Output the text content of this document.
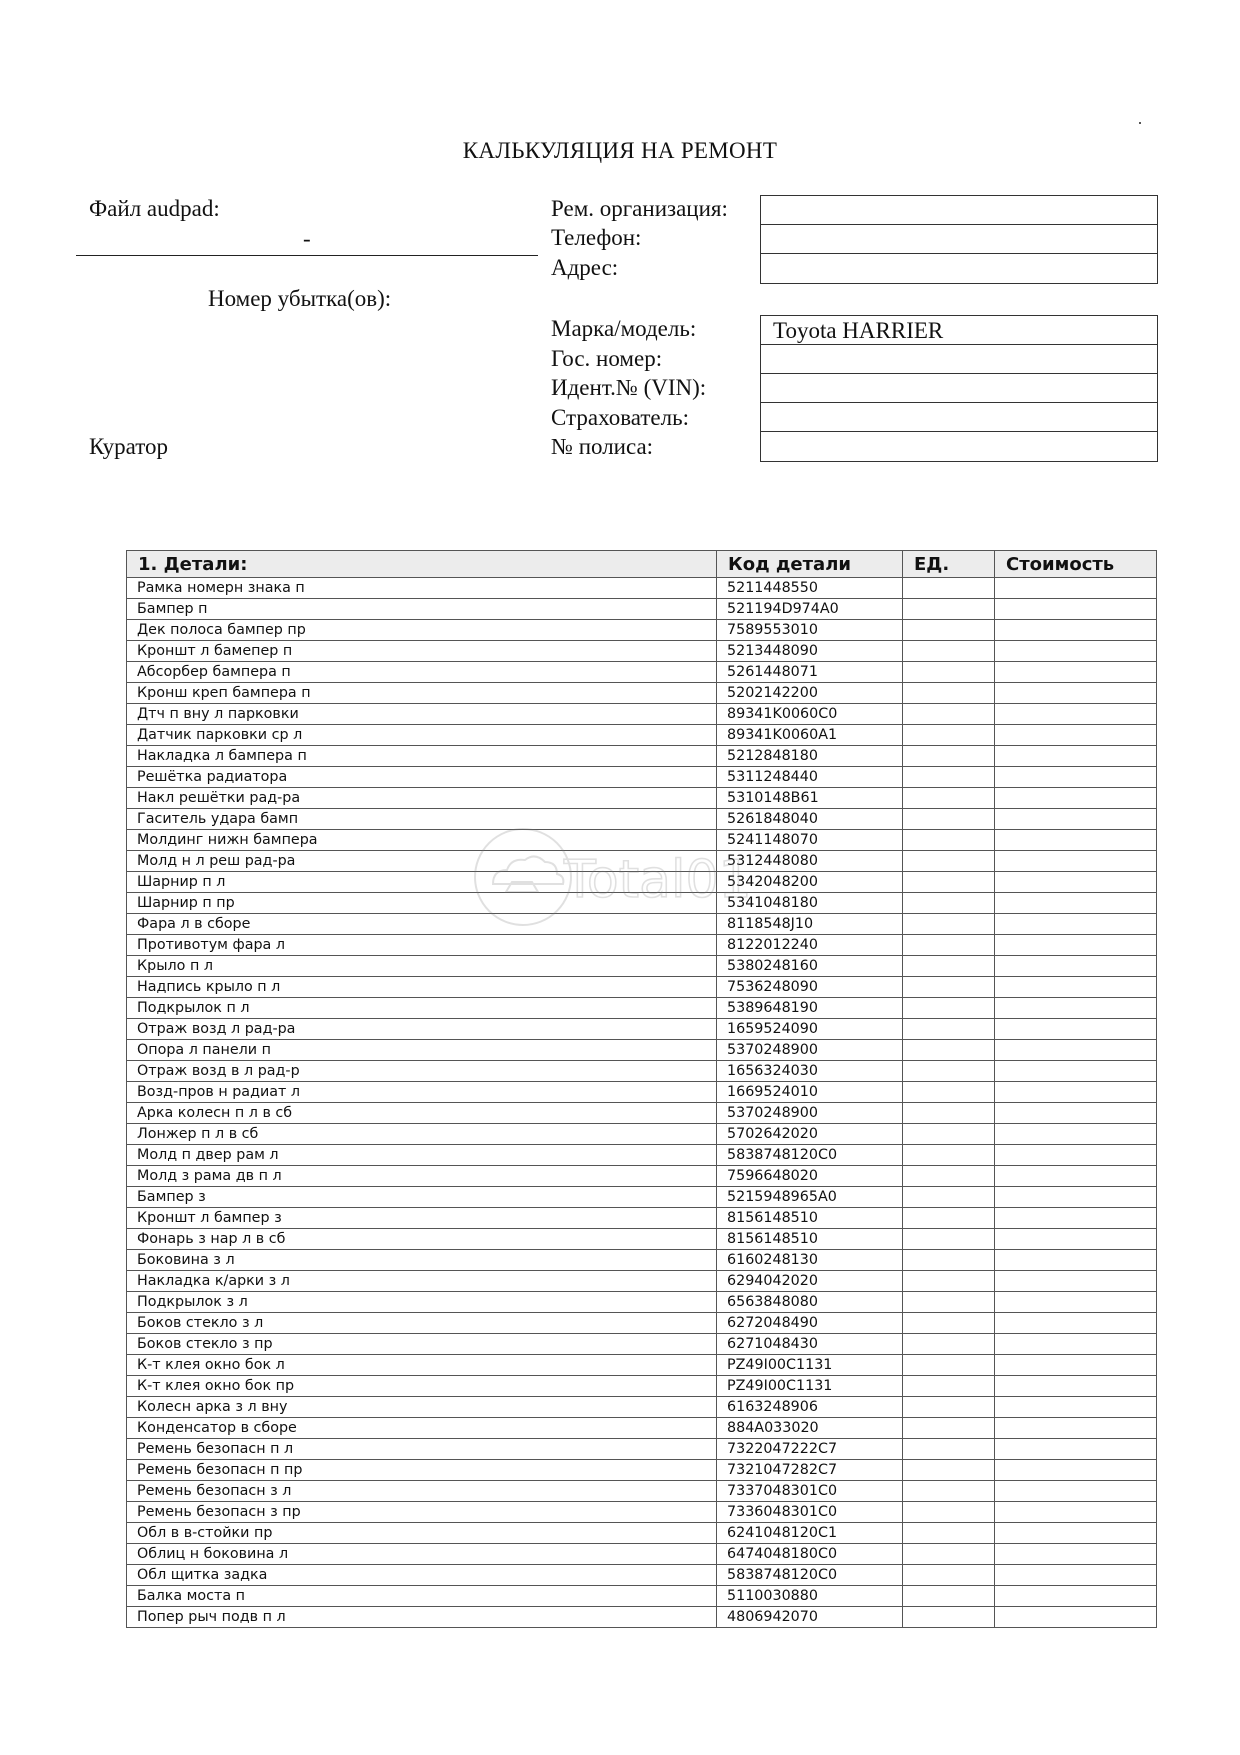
КАЛЬКУЛЯЦИЯ НА РЕМОНТ
Файл audpad:
-
Номер убытка(ов):
Куратор
Рем. организация:
Телефон:
Адрес:
Марка/модель:
Гос. номер:
Идент.№ (VIN):
Страхователь:
№ полиса:
Toyota HARRIER
1. Детали:	Код детали	ЕД.	Стоимость
Рамка номерн знака п	5211448550		
Бампер п	521194D974A0		
Дек полоса бампер пр	7589553010		
Кроншт л бамепер п	5213448090		
Абсорбер бампера п	5261448071		
Кронш креп бампера п	5202142200		
Дтч п вну л парковки	89341K0060C0		
Датчик парковки ср л	89341K0060A1		
Накладка л бампера п	5212848180		
Решётка радиатора	5311248440		
Накл решётки рад-ра	5310148B61		
Гаситель удара бамп	5261848040		
Молдинг нижн бампера	5241148070		
Молд н л реш рад-ра	5312448080		
Шарнир п л	5342048200		
Шарнир п пр	5341048180		
Фара л в сборе	8118548J10		
Противотум фара л	8122012240		
Крыло п л	5380248160		
Надпись крыло п л	7536248090		
Подкрылок п л	5389648190		
Отраж возд л рад-ра	1659524090		
Опора л панели п	5370248900		
Отраж возд в л рад-р	1656324030		
Возд-пров н радиат л	1669524010		
Арка колесн п л в сб	5370248900		
Лонжер п л в сб	5702642020		
Молд п двер рам л	5838748120C0		
Молд з рама дв п л	7596648020		
Бампер з	5215948965A0		
Кроншт л бампер з	8156148510		
Фонарь з нар л в сб	8156148510		
Боковина з л	6160248130		
Накладка к/арки з л	6294042020		
Подкрылок з л	6563848080		
Боков стекло з л	6272048490		
Боков стекло з пр	6271048430		
К-т клея окно бок л	PZ49I00C1131		
К-т клея окно бок пр	PZ49I00C1131		
Колесн арка з л вну	6163248906		
Конденсатор в сборе	884A033020		
Ремень безопасн п л	7322047222C7		
Ремень безопасн п пр	7321047282C7		
Ремень безопасн з л	7337048301C0		
Ремень безопасн з пр	7336048301C0		
Обл в в-стойки пр	6241048120C1		
Облиц н боковина л	6474048180C0		
Обл щитка задка	5838748120C0		
Балка моста п	5110030880		
Попер рыч подв п л	4806942070		
Total01
